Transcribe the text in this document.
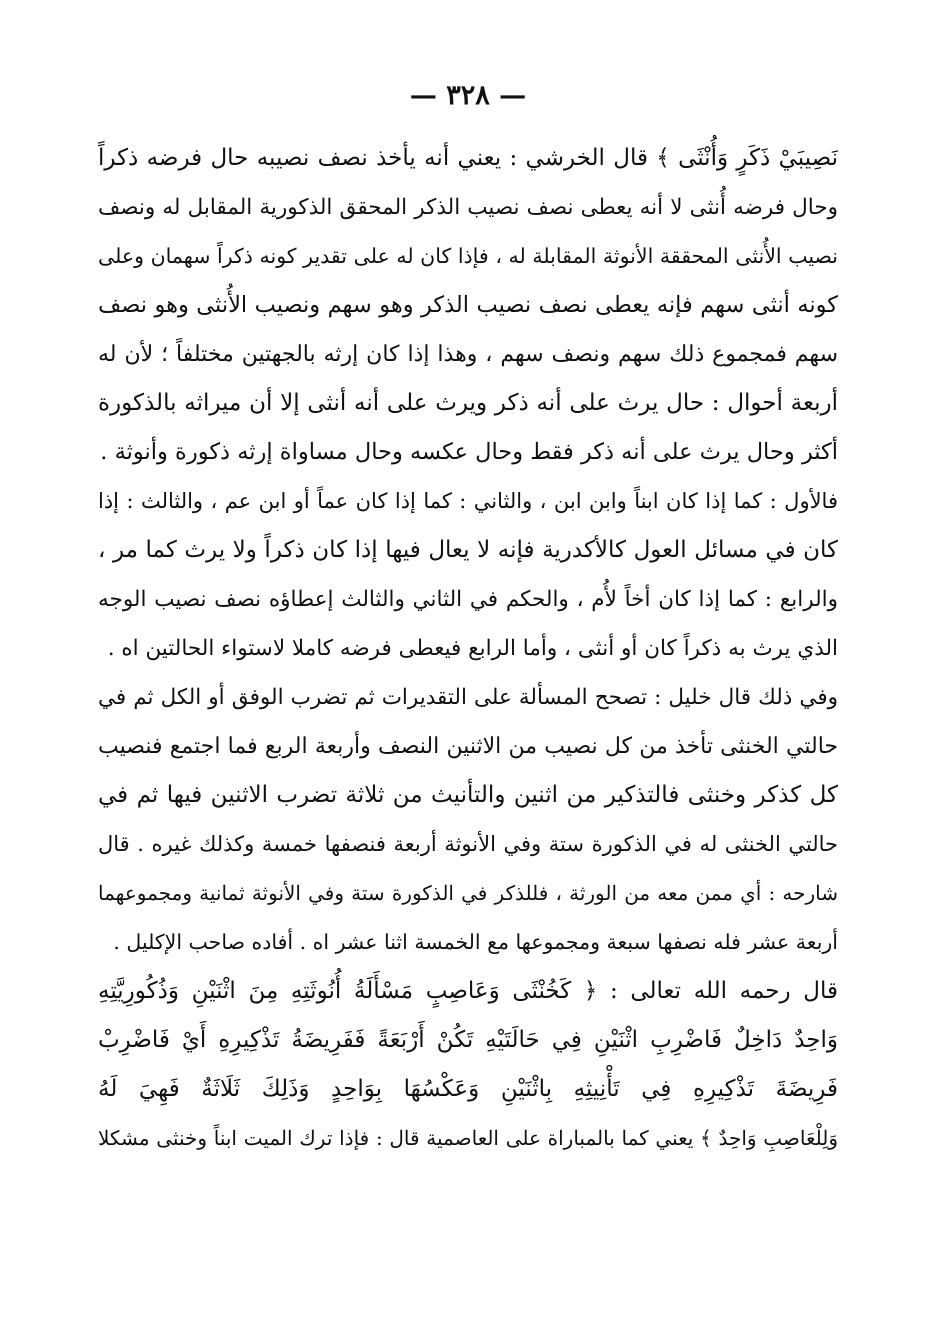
— ٣٢٨ —
نَصِيبَيْ ذَكَرٍ وَأُنْثَى ﴾ قال الخرشي : يعني أنه يأخذ نصف نصيبه حال فرضه ذكراً
وحال فرضه أُنثى لا أنه يعطى نصف نصيب الذكر المحقق الذكورية المقابل له ونصف
نصيب الأُنثى المحققة الأنوثة المقابلة له ، فإذا كان له على تقدير كونه ذكراً سهمان وعلى
كونه أنثى سهم فإنه يعطى نصف نصيب الذكر وهو سهم ونصيب الأُنثى وهو نصف
سهم فمجموع ذلك سهم ونصف سهم ، وهذا إذا كان إرثه بالجهتين مختلفاً ؛ لأن له
أربعة أحوال : حال يرث على أنه ذكر ويرث على أنه أنثى إلا أن ميراثه بالذكورة
أكثر وحال يرث على أنه ذكر فقط وحال عكسه وحال مساواة إرثه ذكورة وأنوثة .
فالأول : كما إذا كان ابناً وابن ابن ، والثاني : كما إذا كان عماً أو ابن عم ، والثالث : إذا
كان في مسائل العول كالأكدرية فإنه لا يعال فيها إذا كان ذكراً ولا يرث كما مر ،
والرابع : كما إذا كان أخاً لأُم ، والحكم في الثاني والثالث إعطاؤه نصف نصيب الوجه
الذي يرث به ذكراً كان أو أنثى ، وأما الرابع فيعطى فرضه كاملا لاستواء الحالتين اه .
وفي ذلك قال خليل : تصحح المسألة على التقديرات ثم تضرب الوفق أو الكل ثم في
حالتي الخنثى تأخذ من كل نصيب من الاثنين النصف وأربعة الربع فما اجتمع فنصيب
كل كذكر وخنثى فالتذكير من اثنين والتأنيث من ثلاثة تضرب الاثنين فيها ثم في
حالتي الخنثى له في الذكورة ستة وفي الأنوثة أربعة فنصفها خمسة وكذلك غيره . قال
شارحه : أي ممن معه من الورثة ، فللذكر في الذكورة ستة وفي الأنوثة ثمانية ومجموعهما
أربعة عشر فله نصفها سبعة ومجموعها مع الخمسة اثنا عشر اه . أفاده صاحب الإكليل .
قال رحمه الله تعالى : ﴿ كَخُنْثَى وَعَاصِبٍ مَسْأَلَةُ أُنُوثَتِهِ مِنَ اثْنَيْنِ وَذُكُورِيَّتِهِ
وَاحِدٌ دَاخِلٌ فَاضْرِبِ اثْنَيْنِ فِي حَالَتَيْهِ تَكُنْ أَرْبَعَةً فَفَرِيضَةُ تَذْكِيرِهِ أَيْ فَاضْرِبْ
فَرِيضَةَ تَذْكِيرِهِ فِي تَأْنِيثِهِ بِاثْنَيْنِ وَعَكْسُهَا بِوَاحِدٍ وَذَلِكَ ثَلَاثَةٌ فَهِيَ لَهُ
وَلِلْعَاصِبِ وَاحِدٌ ﴾ يعني كما بالمباراة على العاصمية قال : فإذا ترك الميت ابناً وخنثى مشكلا
